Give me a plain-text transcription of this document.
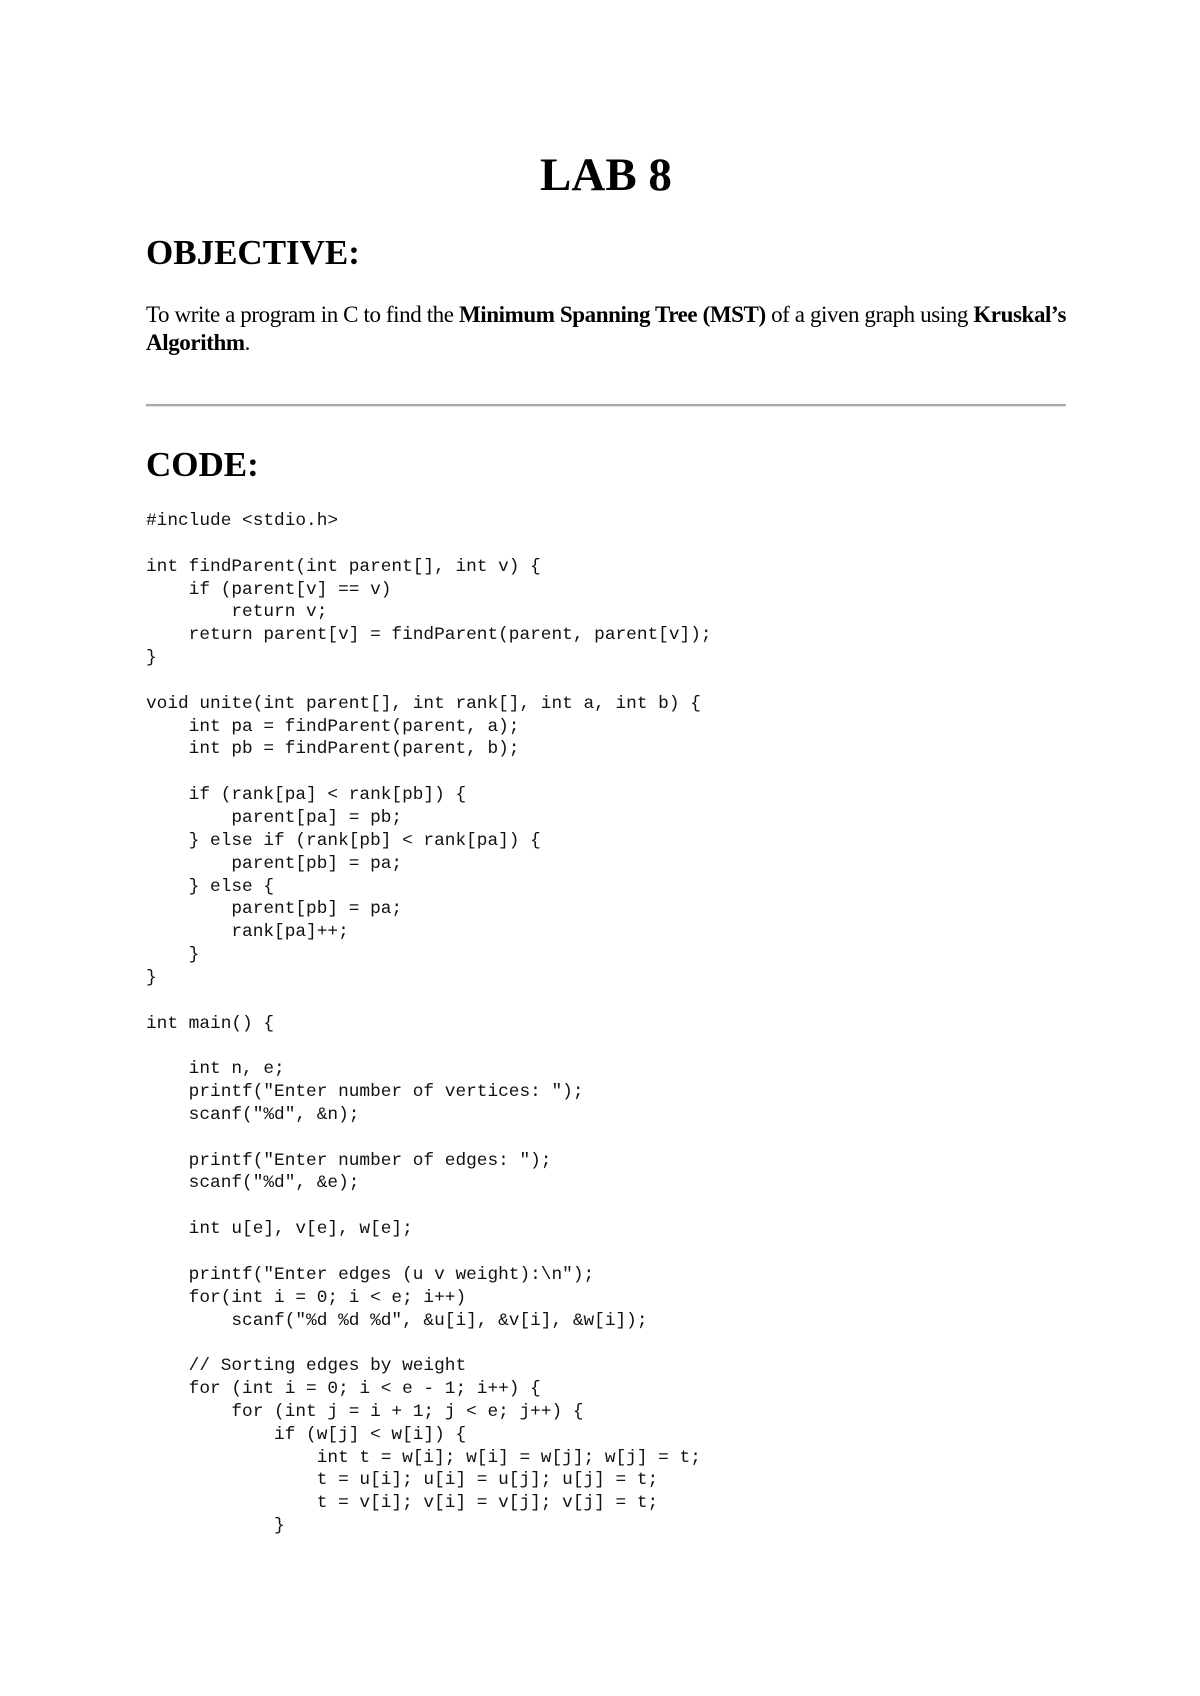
LAB 8
OBJECTIVE:

To write a program in C to find the Minimum Spanning Tree (MST) of a given graph using Kruskal’s Algorithm.

CODE:
#include <stdio.h>
int findParent(int parent[], int v) {
if (parent[v] == v)
return v;
return parent[v] = findParent(parent, parent[v]);
}
void unite(int parent[], int rank[], int a, int b) {
int pa = findParent(parent, a);
int pb = findParent(parent, b);
if (rank[pa] < rank[pb]) {
parent[pa] = pb;
} else if (rank[pb] < rank[pa]) {
parent[pb] = pa;
} else {
parent[pb] = pa;
rank[pa]++;
}
}
int main() {
int n, e;
printf("Enter number of vertices: ");
scanf("%d", &n);
printf("Enter number of edges: ");
scanf("%d", &e);
int u[e], v[e], w[e];
printf("Enter edges (u v weight):\n");
for(int i = 0; i < e; i++)
scanf("%d %d %d", &u[i], &v[i], &w[i]);
// Sorting edges by weight
for (int i = 0; i < e - 1; i++) {
for (int j = i + 1; j < e; j++) {
if (w[j] < w[i]) {
int t = w[i]; w[i] = w[j]; w[j] = t;
t = u[i]; u[i] = u[j]; u[j] = t;
t = v[i]; v[i] = v[j]; v[j] = t;
}
